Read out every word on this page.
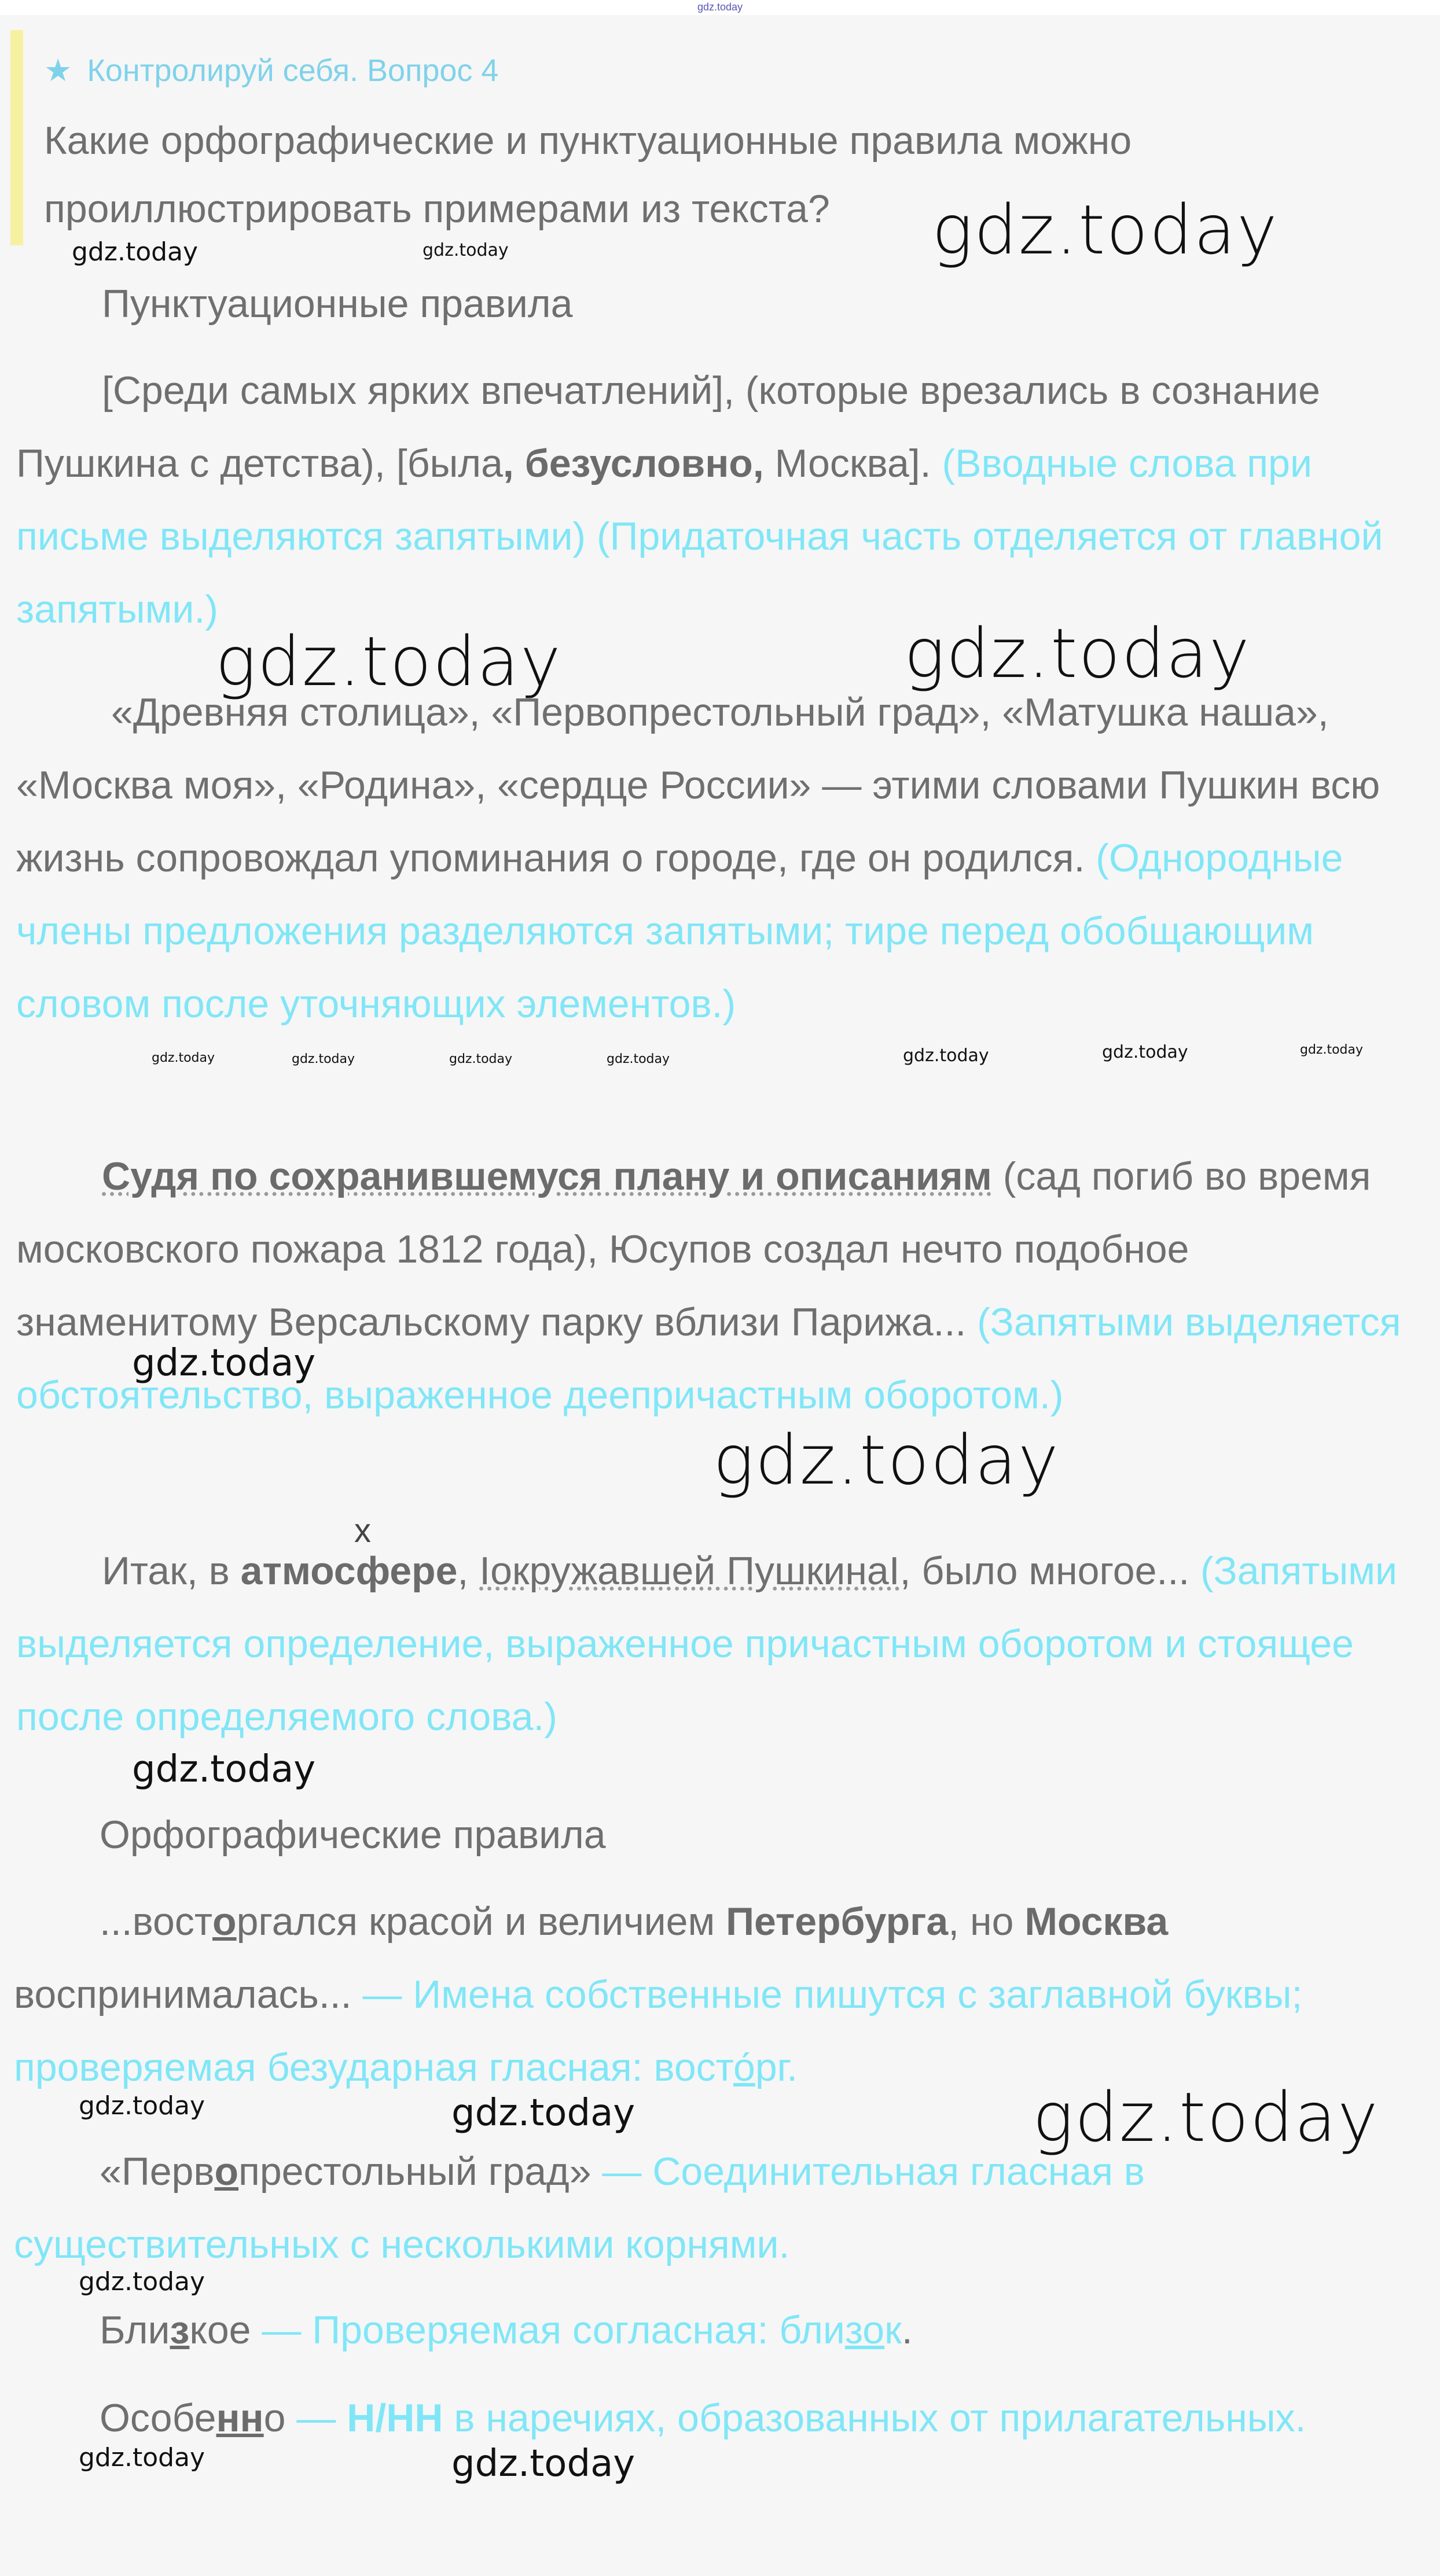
gdz.today
★ Контролируй себя. Вопрос 4
Какие орфографические и пунктуационные правила можно проиллюстрировать примерами из текста?
Пунктуационные правила
[Среди самых ярких впечатлений], (которые врезались в сознание Пушкина с детства), [была, безусловно, Москва]. (Вводные слова при письме выделяются запятыми) (Придаточная часть отделяется от главной запятыми.)
«Древняя столица», «Первопрестольный град», «Матушка наша», «Москва моя», «Родина», «сердце России» — этими словами Пушкин всю жизнь сопровождал упоминания о городе, где он родился. (Однородные члены предложения разделяются запятыми; тире перед обобщающим словом после уточняющих элементов.)
Судя по сохранившемуся плану и описаниям (сад погиб во время московского пожара 1812 года), Юсупов создал нечто подобное знаменитому Версальскому парку вблизи Парижа... (Запятыми выделяется обстоятельство, выраженное деепричастным оборотом.)
x
Итак, в атмосфере, Iокружавшей ПушкинаI, было многое... (Запятыми выделяется определение, выраженное причастным оборотом и стоящее после определяемого слова.)
Орфографические правила
...восторгался красой и величием Петербурга, но Москва воспринималась... — Имена собственные пишутся с заглавной буквы; проверяемая безударная гласная: восто́рг.
«Первопрестольный град» — Соединительная гласная в существительных с несколькими корнями.
Близкое — Проверяемая согласная: близок.
Особенно — Н/НН в наречиях, образованных от прилагательных.
gdz.today
gdz.today	gdz.today
gdz.today	gdz.today
gdz.today	gdz.today	gdz.today	gdz.today	gdz.today	gdz.today	gdz.today
gdz.today
gdz.today
gdz.today
gdz.today	gdz.today	gdz.today
gdz.today
gdz.today	gdz.today
